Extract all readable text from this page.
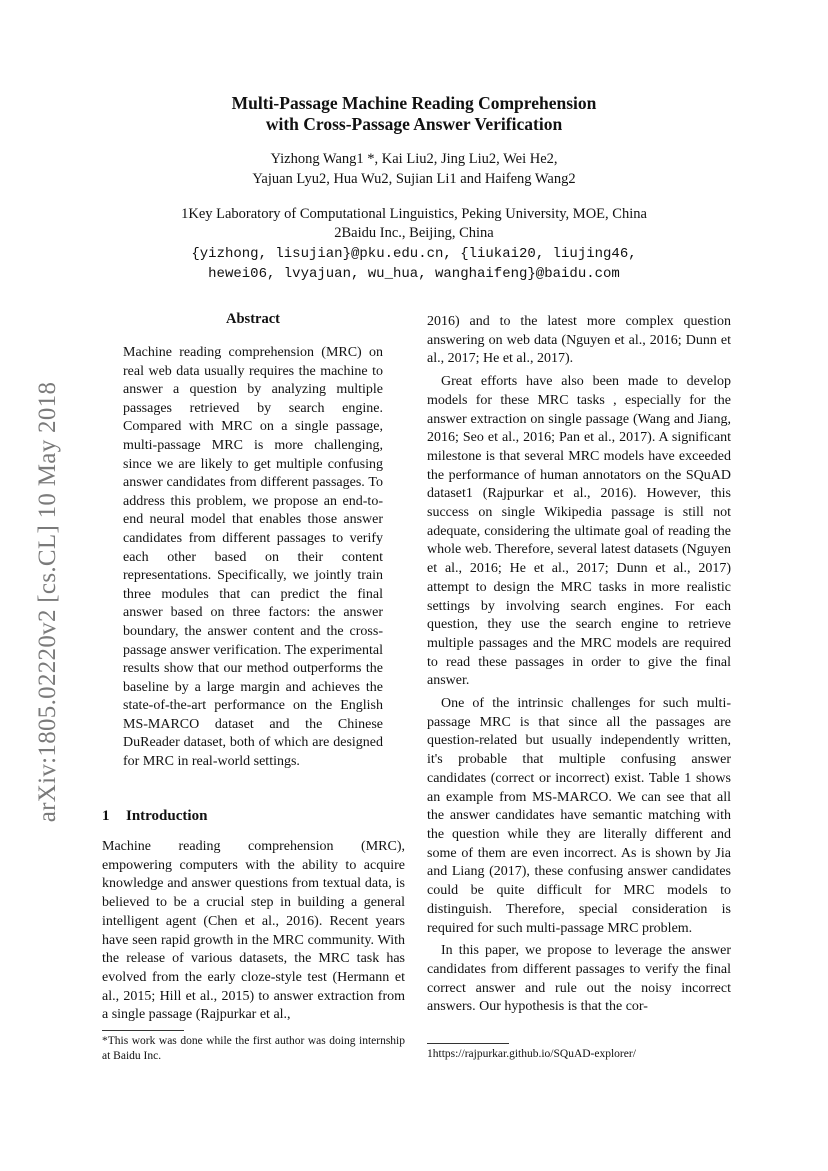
arXiv:1805.02220v2 [cs.CL] 10 May 2018
Multi-Passage Machine Reading Comprehension
with Cross-Passage Answer Verification
Yizhong Wang1 *, Kai Liu2, Jing Liu2, Wei He2,
Yajuan Lyu2, Hua Wu2, Sujian Li1 and Haifeng Wang2
1Key Laboratory of Computational Linguistics, Peking University, MOE, China
2Baidu Inc., Beijing, China
{yizhong, lisujian}@pku.edu.cn, {liukai20, liujing46,
hewei06, lvyajuan, wu_hua, wanghaifeng}@baidu.com
Abstract
Machine reading comprehension (MRC) on real web data usually requires the machine to answer a question by analyzing multiple passages retrieved by search engine. Compared with MRC on a single passage, multi-passage MRC is more challenging, since we are likely to get multiple confusing answer candidates from different passages. To address this problem, we propose an end-to-end neural model that enables those answer candidates from different passages to verify each other based on their content representations. Specifically, we jointly train three modules that can predict the final answer based on three factors: the answer boundary, the answer content and the cross-passage answer verification. The experimental results show that our method outperforms the baseline by a large margin and achieves the state-of-the-art performance on the English MS-MARCO dataset and the Chinese DuReader dataset, both of which are designed for MRC in real-world settings.
1 Introduction

Machine reading comprehension (MRC), empowering computers with the ability to acquire knowledge and answer questions from textual data, is believed to be a crucial step in building a general intelligent agent (Chen et al., 2016). Recent years have seen rapid growth in the MRC community. With the release of various datasets, the MRC task has evolved from the early cloze-style test (Hermann et al., 2015; Hill et al., 2015) to answer extraction from a single passage (Rajpurkar et al.,

2016) and to the latest more complex question answering on web data (Nguyen et al., 2016; Dunn et al., 2017; He et al., 2017).

Great efforts have also been made to develop models for these MRC tasks , especially for the answer extraction on single passage (Wang and Jiang, 2016; Seo et al., 2016; Pan et al., 2017). A significant milestone is that several MRC models have exceeded the performance of human annotators on the SQuAD dataset1 (Rajpurkar et al., 2016). However, this success on single Wikipedia passage is still not adequate, considering the ultimate goal of reading the whole web. Therefore, several latest datasets (Nguyen et al., 2016; He et al., 2017; Dunn et al., 2017) attempt to design the MRC tasks in more realistic settings by involving search engines. For each question, they use the search engine to retrieve multiple passages and the MRC models are required to read these passages in order to give the final answer.

One of the intrinsic challenges for such multi-passage MRC is that since all the passages are question-related but usually independently written, it's probable that multiple confusing answer candidates (correct or incorrect) exist. Table 1 shows an example from MS-MARCO. We can see that all the answer candidates have semantic matching with the question while they are literally different and some of them are even incorrect. As is shown by Jia and Liang (2017), these confusing answer candidates could be quite difficult for MRC models to distinguish. Therefore, special consideration is required for such multi-passage MRC problem.

In this paper, we propose to leverage the answer candidates from different passages to verify the final correct answer and rule out the noisy incorrect answers. Our hypothesis is that the cor-

*This work was done while the first author was doing internship at Baidu Inc.	1https://rajpurkar.github.io/SQuAD-explorer/
